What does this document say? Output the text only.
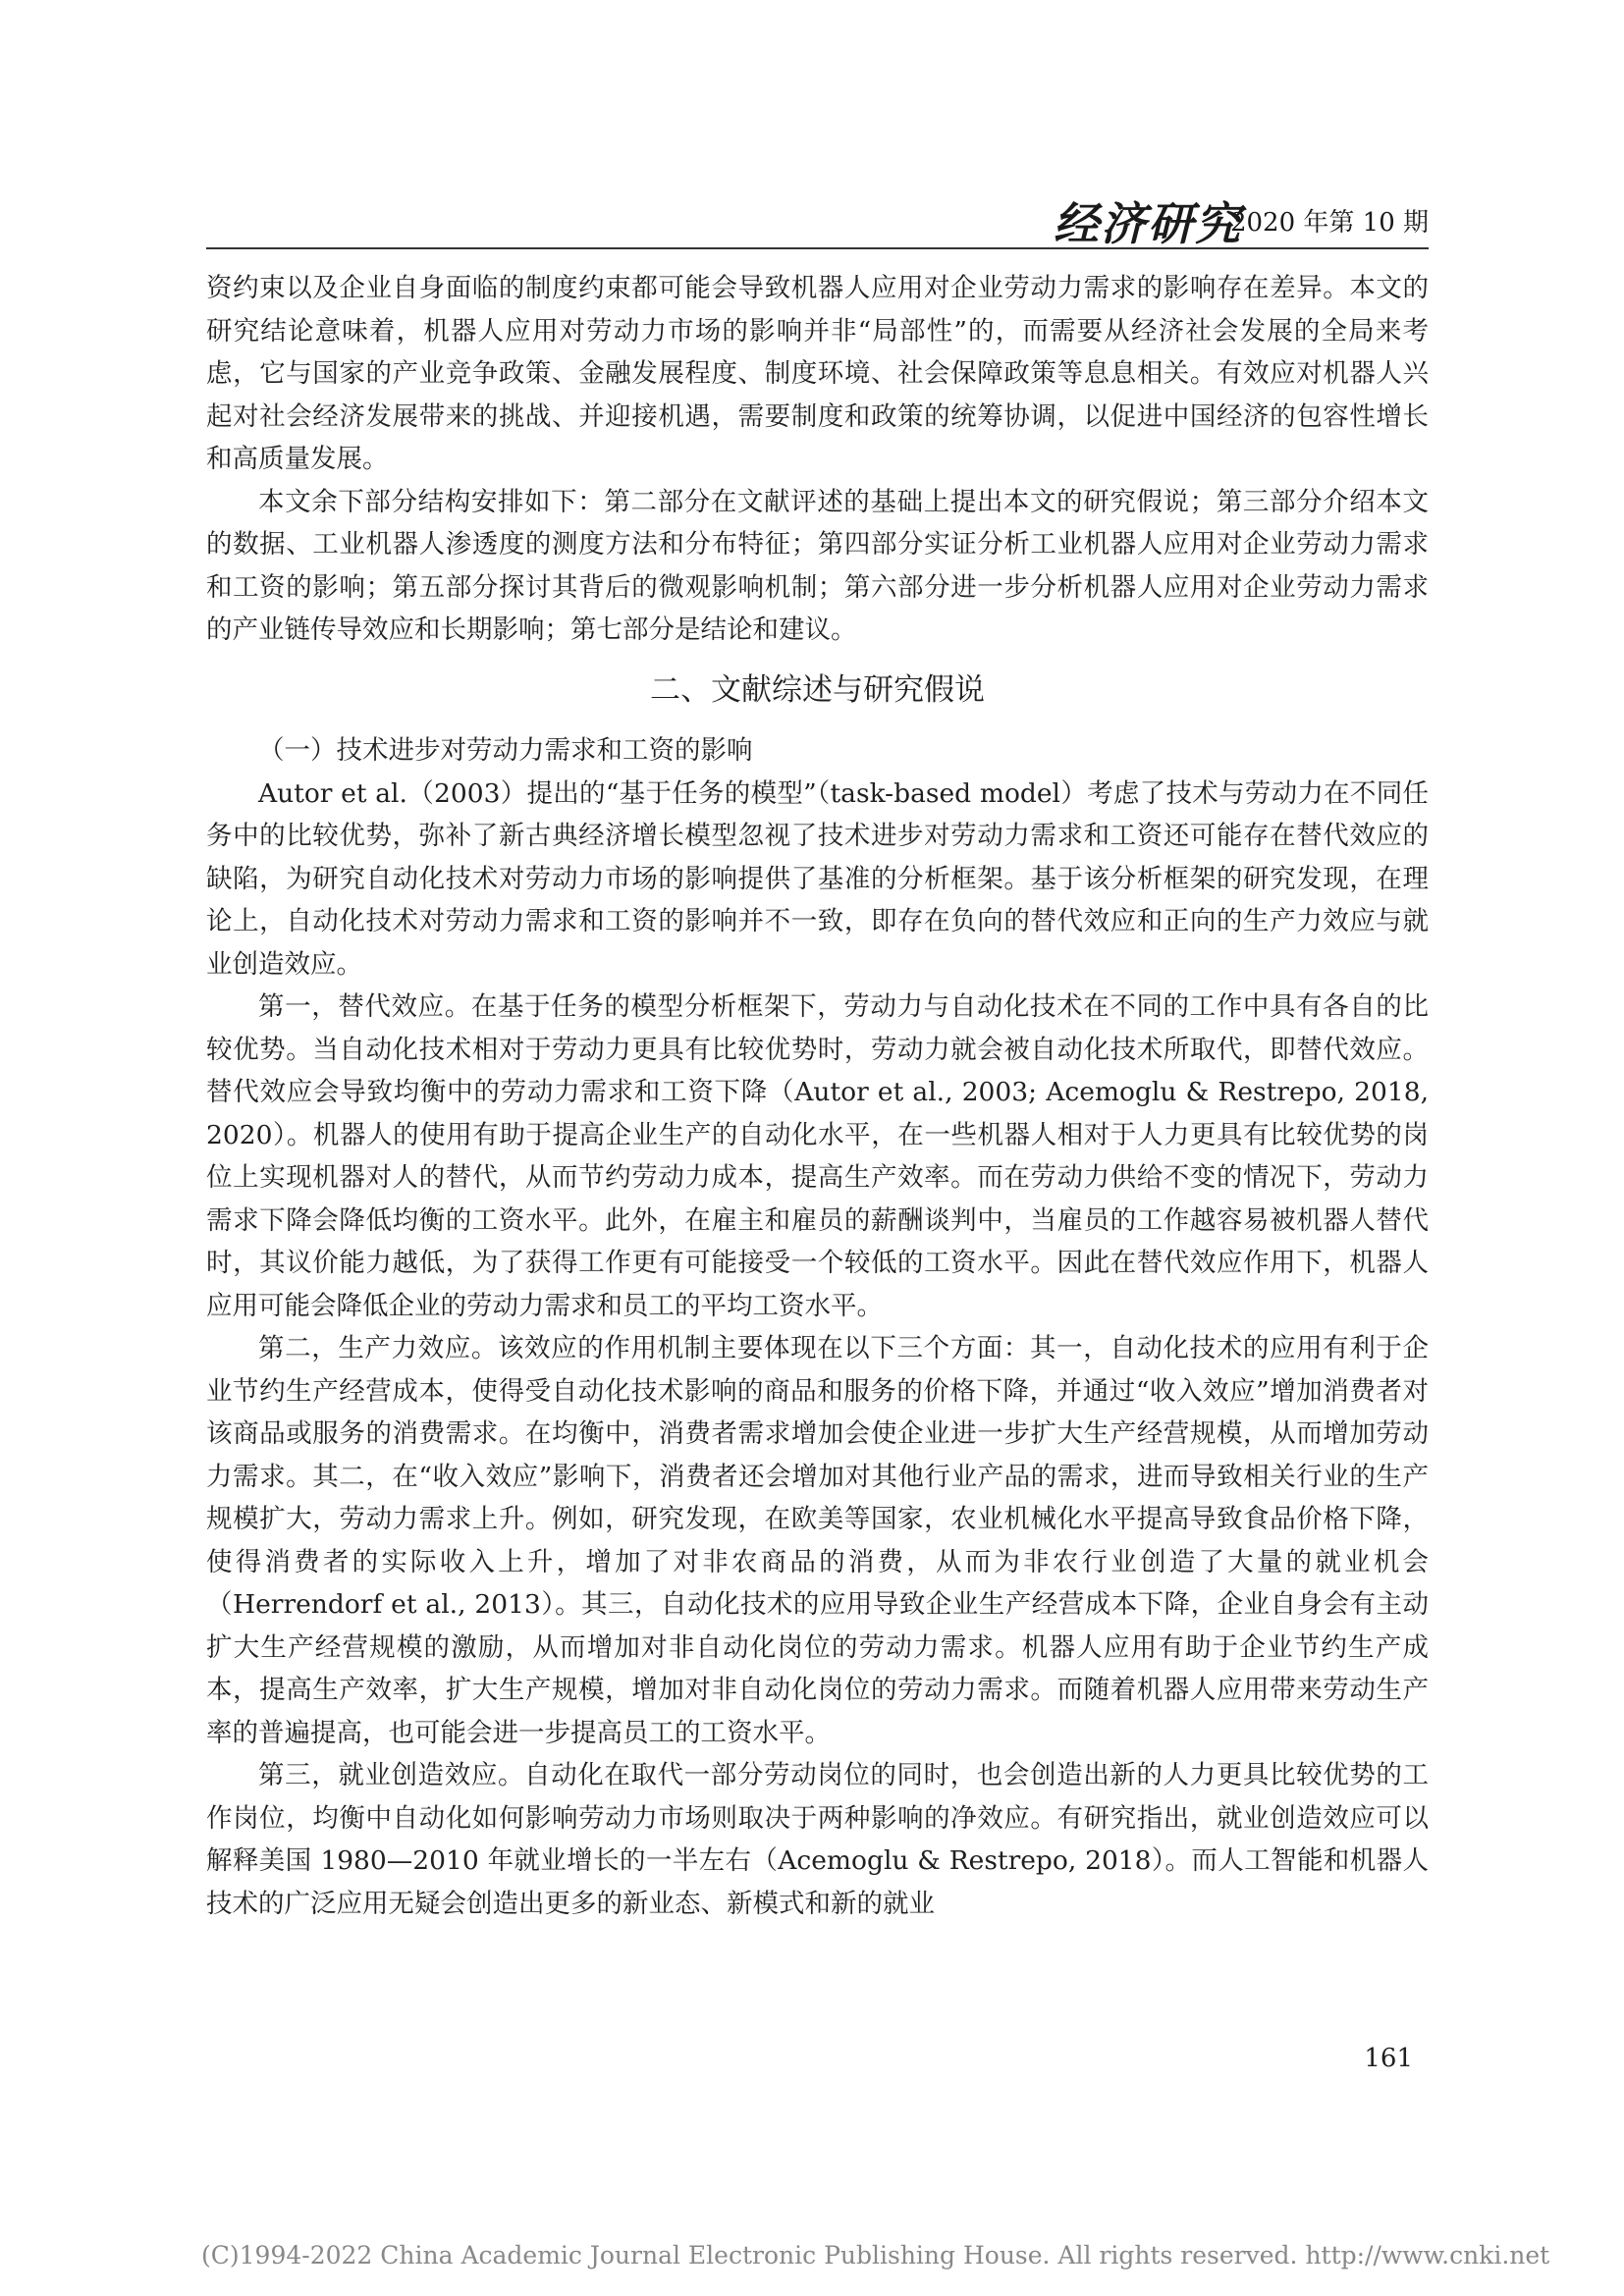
经济研究
2020 年第 10 期

资约束以及企业自身面临的制度约束都可能会导致机器人应用对企业劳动力需求的影响存在差异。本文的研究结论意味着，机器人应用对劳动力市场的影响并非“局部性”的，而需要从经济社会发展的全局来考虑，它与国家的产业竞争政策、金融发展程度、制度环境、社会保障政策等息息相关。有效应对机器人兴起对社会经济发展带来的挑战、并迎接机遇，需要制度和政策的统筹协调，以促进中国经济的包容性增长和高质量发展。

本文余下部分结构安排如下：第二部分在文献评述的基础上提出本文的研究假说；第三部分介绍本文的数据、工业机器人渗透度的测度方法和分布特征；第四部分实证分析工业机器人应用对企业劳动力需求和工资的影响；第五部分探讨其背后的微观影响机制；第六部分进一步分析机器人应用对企业劳动力需求的产业链传导效应和长期影响；第七部分是结论和建议。

二、文献综述与研究假说

（一）技术进步对劳动力需求和工资的影响

Autor et al.（2003）提出的“基于任务的模型”（task-based model）考虑了技术与劳动力在不同任务中的比较优势，弥补了新古典经济增长模型忽视了技术进步对劳动力需求和工资还可能存在替代效应的缺陷，为研究自动化技术对劳动力市场的影响提供了基准的分析框架。基于该分析框架的研究发现，在理论上，自动化技术对劳动力需求和工资的影响并不一致，即存在负向的替代效应和正向的生产力效应与就业创造效应。

第一，替代效应。在基于任务的模型分析框架下，劳动力与自动化技术在不同的工作中具有各自的比较优势。当自动化技术相对于劳动力更具有比较优势时，劳动力就会被自动化技术所取代，即替代效应。替代效应会导致均衡中的劳动力需求和工资下降（Autor et al., 2003; Acemoglu & Restrepo, 2018, 2020）。机器人的使用有助于提高企业生产的自动化水平，在一些机器人相对于人力更具有比较优势的岗位上实现机器对人的替代，从而节约劳动力成本，提高生产效率。而在劳动力供给不变的情况下，劳动力需求下降会降低均衡的工资水平。此外，在雇主和雇员的薪酬谈判中，当雇员的工作越容易被机器人替代时，其议价能力越低，为了获得工作更有可能接受一个较低的工资水平。因此在替代效应作用下，机器人应用可能会降低企业的劳动力需求和员工的平均工资水平。

第二，生产力效应。该效应的作用机制主要体现在以下三个方面：其一，自动化技术的应用有利于企业节约生产经营成本，使得受自动化技术影响的商品和服务的价格下降，并通过“收入效应”增加消费者对该商品或服务的消费需求。在均衡中，消费者需求增加会使企业进一步扩大生产经营规模，从而增加劳动力需求。其二，在“收入效应”影响下，消费者还会增加对其他行业产品的需求，进而导致相关行业的生产规模扩大，劳动力需求上升。例如，研究发现，在欧美等国家，农业机械化水平提高导致食品价格下降，使得消费者的实际收入上升，增加了对非农商品的消费，从而为非农行业创造了大量的就业机会（Herrendorf et al., 2013）。其三，自动化技术的应用导致企业生产经营成本下降，企业自身会有主动扩大生产经营规模的激励，从而增加对非自动化岗位的劳动力需求。机器人应用有助于企业节约生产成本，提高生产效率，扩大生产规模，增加对非自动化岗位的劳动力需求。而随着机器人应用带来劳动生产率的普遍提高，也可能会进一步提高员工的工资水平。

第三，就业创造效应。自动化在取代一部分劳动岗位的同时，也会创造出新的人力更具比较优势的工作岗位，均衡中自动化如何影响劳动力市场则取决于两种影响的净效应。有研究指出，就业创造效应可以解释美国 1980—2010 年就业增长的一半左右（Acemoglu & Restrepo, 2018）。而人工智能和机器人技术的广泛应用无疑会创造出更多的新业态、新模式和新的就业

161
(C)1994-2022 China Academic Journal Electronic Publishing House. All rights reserved. http://www.cnki.net
